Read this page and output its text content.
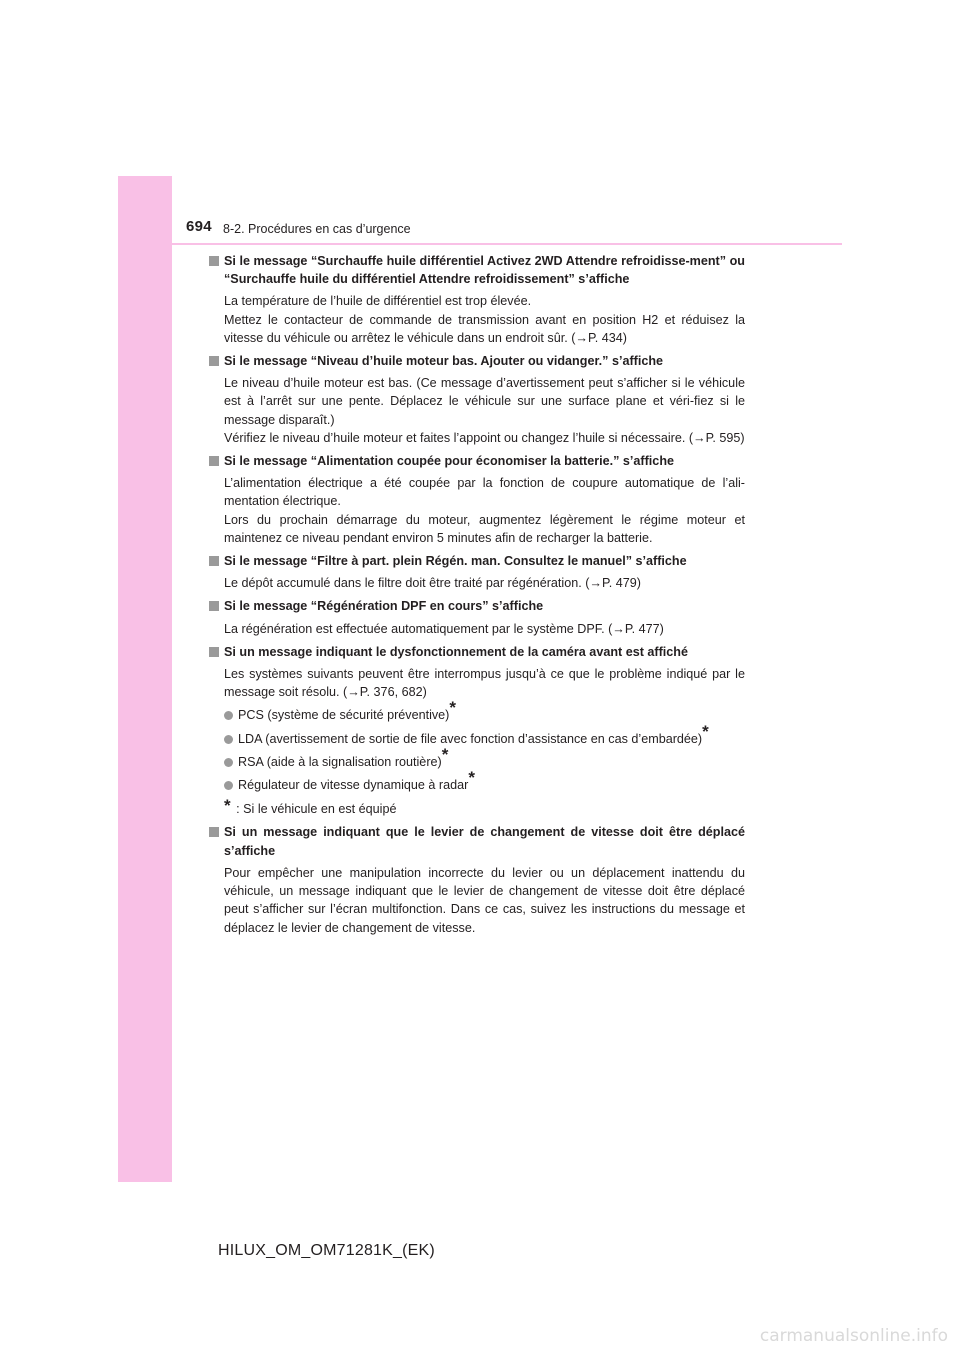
694 8-2. Procédures en cas d’urgence
Si le message “Surchauffe huile différentiel Activez 2WD Attendre refroidisse-ment” ou “Surchauffe huile du différentiel Attendre refroidissement” s’affiche

La température de l’huile de différentiel est trop élevée.

Mettez le contacteur de commande de transmission avant en position H2 et réduisez la vitesse du véhicule ou arrêtez le véhicule dans un endroit sûr. (→P. 434)

Si le message “Niveau d’huile moteur bas. Ajouter ou vidanger.” s’affiche

Le niveau d’huile moteur est bas. (Ce message d’avertissement peut s’afficher si le véhicule est à l’arrêt sur une pente. Déplacez le véhicule sur une surface plane et véri-fiez si le message disparaît.)

Vérifiez le niveau d’huile moteur et faites l’appoint ou changez l’huile si nécessaire. (→P. 595)

Si le message “Alimentation coupée pour économiser la batterie.” s’affiche

L’alimentation électrique a été coupée par la fonction de coupure automatique de l’ali-mentation électrique.

Lors du prochain démarrage du moteur, augmentez légèrement le régime moteur et maintenez ce niveau pendant environ 5 minutes afin de recharger la batterie.

Si le message “Filtre à part. plein Régén. man. Consultez le manuel” s’affiche

Le dépôt accumulé dans le filtre doit être traité par régénération. (→P. 479)

Si le message “Régénération DPF en cours” s’affiche

La régénération est effectuée automatiquement par le système DPF. (→P. 477)

Si un message indiquant le dysfonctionnement de la caméra avant est affiché

Les systèmes suivants peuvent être interrompus jusqu’à ce que le problème indiqué par le message soit résolu. (→P. 376, 682)

PCS (système de sécurité préventive)*
LDA (avertissement de sortie de file avec fonction d’assistance en cas d’embardée)*
RSA (aide à la signalisation routière)*
Régulateur de vitesse dynamique à radar*
* : Si le véhicule en est équipé
Si un message indiquant que le levier de changement de vitesse doit être déplacé s’affiche

Pour empêcher une manipulation incorrecte du levier ou un déplacement inattendu du véhicule, un message indiquant que le levier de changement de vitesse doit être déplacé peut s’afficher sur l’écran multifonction. Dans ce cas, suivez les instructions du message et déplacez le levier de changement de vitesse.

HILUX_OM_OM71281K_(EK)
carmanualsonline.info
